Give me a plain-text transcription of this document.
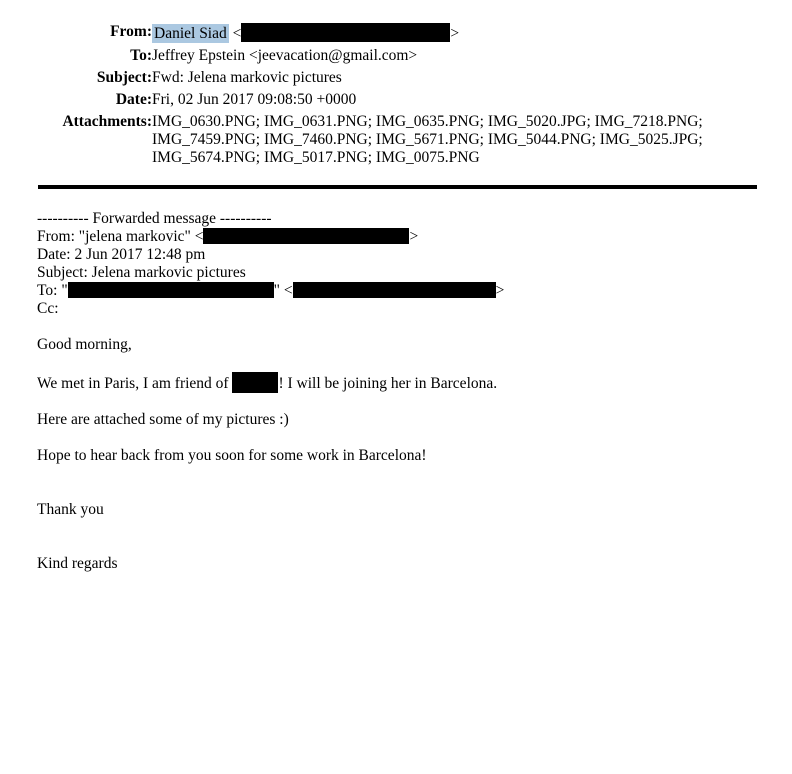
From:	Daniel Siad < >
To:	Jeffrey Epstein <jeevacation@gmail.com>
Subject:	Fwd: Jelena markovic pictures
Date:	Fri, 02 Jun 2017 09:08:50 +0000
Attachments:	IMG_0630.PNG; IMG_0631.PNG; IMG_0635.PNG; IMG_5020.JPG; IMG_7218.PNG;
IMG_7459.PNG; IMG_7460.PNG; IMG_5671.PNG; IMG_5044.PNG; IMG_5025.JPG;
IMG_5674.PNG; IMG_5017.PNG; IMG_0075.PNG
---------- Forwarded message ----------
From: "jelena markovic" <	>
Date: 2 Jun 2017 12:48 pm
Subject: Jelena markovic pictures
To: "	" <	>
Cc:

Good morning,

We met in Paris, I am friend of	! I will be joining her in Barcelona.

Here are attached some of my pictures :)

Hope to hear back from you soon for some work in Barcelona!

Thank you

Kind regards
